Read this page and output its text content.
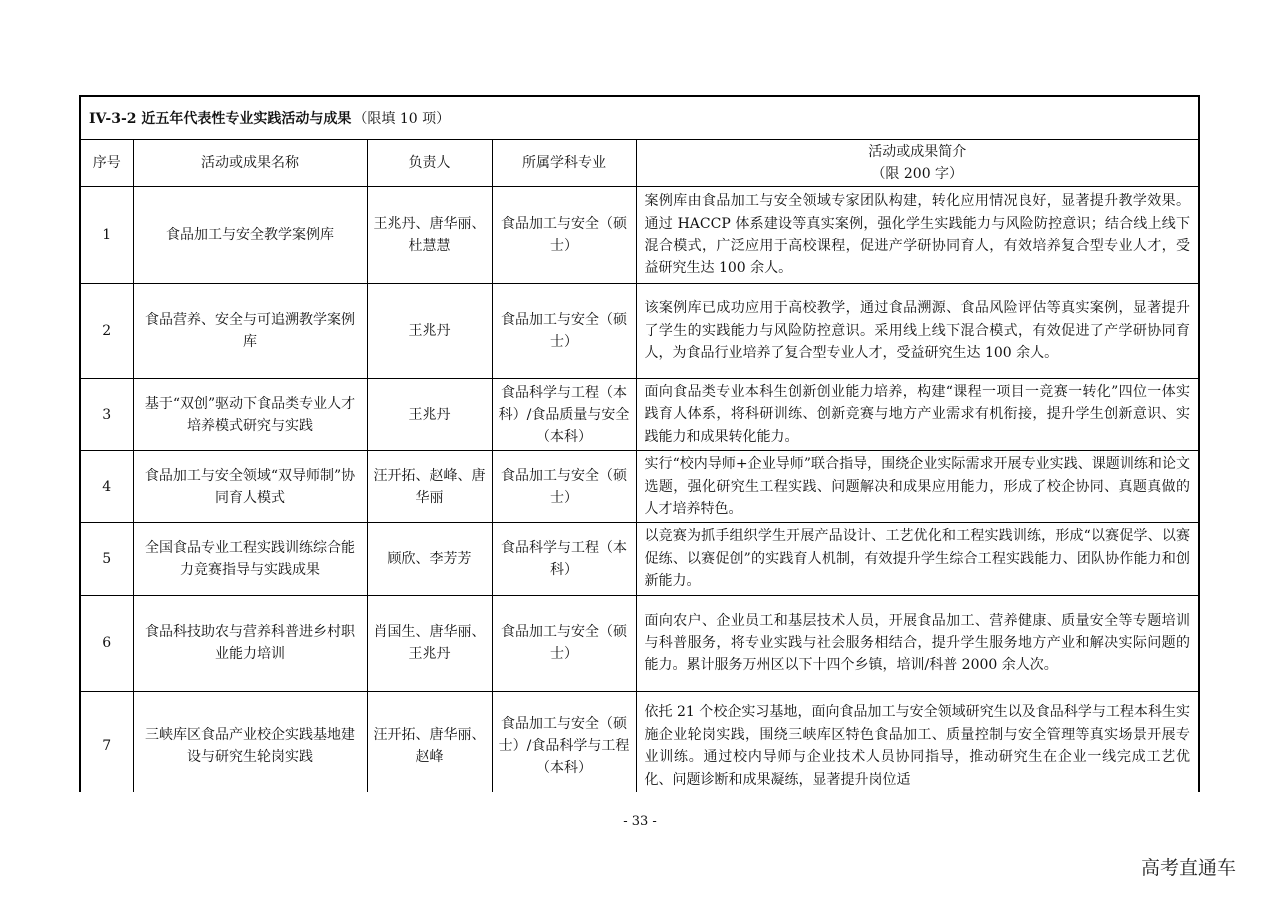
IV-3-2 近五年代表性专业实践活动与成果 （限填 10 项）
序号	活动或成果名称	负责人	所属学科专业	活动或成果简介
（限 200 字）

1	食品加工与安全教学案例库	王兆丹、唐华丽、杜慧慧	食品加工与安全（硕士）	案例库由食品加工与安全领域专家团队构建，转化应用情况良好，显著提升教学效果。通过 HACCP 体系建设等真实案例，强化学生实践能力与风险防控意识；结合线上线下混合模式，广泛应用于高校课程，促进产学研协同育人，有效培养复合型专业人才，受益研究生达 100 余人。
2	食品营养、安全与可追溯教学案例库	王兆丹	食品加工与安全（硕士）	该案例库已成功应用于高校教学，通过食品溯源、食品风险评估等真实案例，显著提升了学生的实践能力与风险防控意识。采用线上线下混合模式，有效促进了产学研协同育人，为食品行业培养了复合型专业人才，受益研究生达 100 余人。
3	基于“双创”驱动下食品类专业人才培养模式研究与实践	王兆丹	食品科学与工程（本科）/食品质量与安全（本科）	面向食品类专业本科生创新创业能力培养，构建“课程一项目一竞赛一转化”四位一体实践育人体系，将科研训练、创新竞赛与地方产业需求有机衔接，提升学生创新意识、实践能力和成果转化能力。
4	食品加工与安全领域“双导师制”协同育人模式	汪开拓、赵峰、唐华丽	食品加工与安全（硕士）	实行“校内导师+企业导师”联合指导，围绕企业实际需求开展专业实践、课题训练和论文选题，强化研究生工程实践、问题解决和成果应用能力，形成了校企协同、真题真做的人才培养特色。
5	全国食品专业工程实践训练综合能力竞赛指导与实践成果	顾欣、李芳芳	食品科学与工程（本科）	以竞赛为抓手组织学生开展产品设计、工艺优化和工程实践训练，形成“以赛促学、以赛促练、以赛促创”的实践育人机制，有效提升学生综合工程实践能力、团队协作能力和创新能力。
6	食品科技助农与营养科普进乡村职业能力培训	肖国生、唐华丽、王兆丹	食品加工与安全（硕士）	面向农户、企业员工和基层技术人员，开展食品加工、营养健康、质量安全等专题培训与科普服务，将专业实践与社会服务相结合，提升学生服务地方产业和解决实际问题的能力。累计服务万州区以下十四个乡镇，培训/科普 2000 余人次。
7	三峡库区食品产业校企实践基地建设与研究生轮岗实践	汪开拓、唐华丽、赵峰	食品加工与安全（硕士）/食品科学与工程（本科）	依托 21 个校企实习基地，面向食品加工与安全领域研究生以及食品科学与工程本科生实施企业轮岗实践，围绕三峡库区特色食品加工、质量控制与安全管理等真实场景开展专业训练。通过校内导师与企业技术人员协同指导，推动研究生在企业一线完成工艺优化、问题诊断和成果凝练，显著提升岗位适
- 33 -
高考直通车
